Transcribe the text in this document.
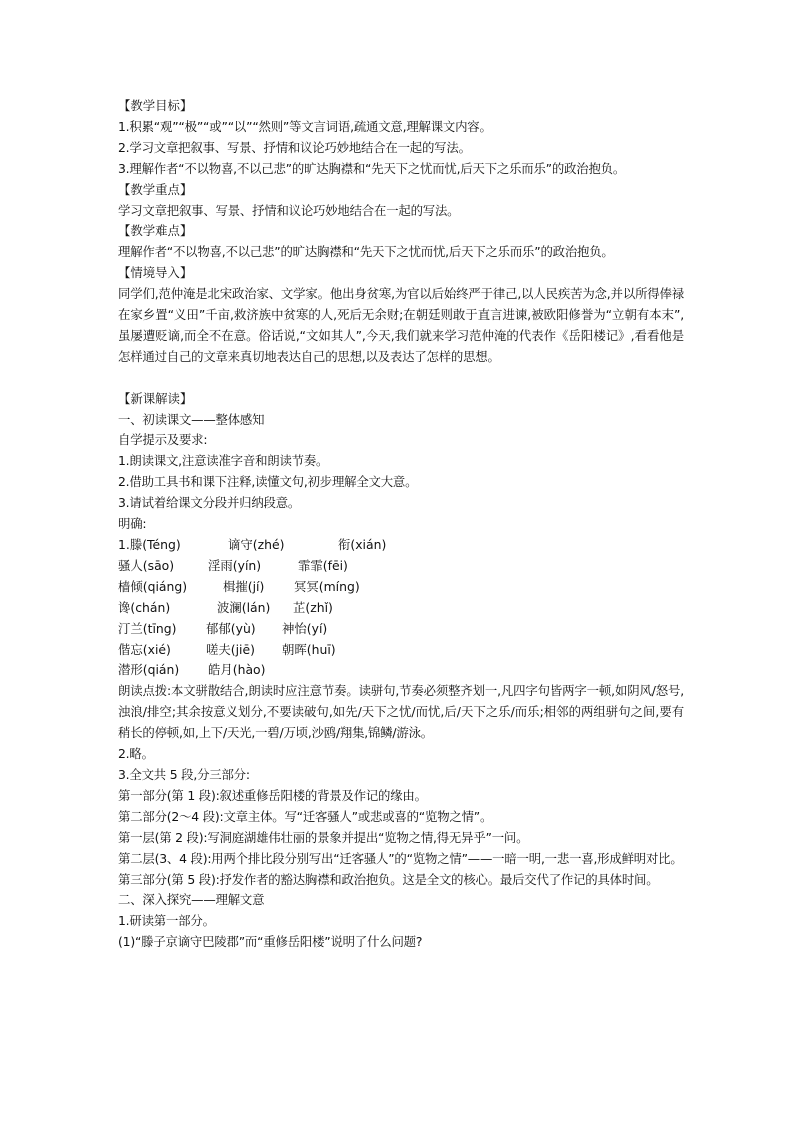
【教学目标】
1.积累“观”“极”“或”“以”“然则”等文言词语,疏通文意,理解课文内容。
2.学习文章把叙事、写景、抒情和议论巧妙地结合在一起的写法。
3.理解作者“不以物喜,不以己悲”的旷达胸襟和“先天下之忧而忧,后天下之乐而乐”的政治抱负。
【教学重点】
学习文章把叙事、写景、抒情和议论巧妙地结合在一起的写法。
【教学难点】
理解作者“不以物喜,不以己悲”的旷达胸襟和“先天下之忧而忧,后天下之乐而乐”的政治抱负。
【情境导入】
同学们,范仲淹是北宋政治家、文学家。他出身贫寒,为官以后始终严于律己,以人民疾苦为念,并以所得俸禄在家乡置“义田”千亩,救济族中贫寒的人,死后无余财;在朝廷则敢于直言进谏,被欧阳修誉为“立朝有本末”,虽屡遭贬谪,而全不在意。俗话说,“文如其人”,今天,我们就来学习范仲淹的代表作《岳阳楼记》,看看他是怎样通过自己的文章来真切地表达自己的思想,以及表达了怎样的思想。
【新课解读】
一、初读课文——整体感知
自学提示及要求:
1.朗读课文,注意读准字音和朗读节奏。
2.借助工具书和课下注释,读懂文句,初步理解全文大意。
3.请试着给课文分段并归纳段意。
明确:
1.滕(Téng)	谪守(zhé)	衔(xián)
骚人(sāo)	淫雨(yín)	霏霏(fēi)
樯倾(qiáng)	楫摧(jí)	冥冥(míng)
谗(chán)	波澜(lán)	芷(zhǐ)
汀兰(tīng)	郁郁(yù)	神怡(yí)
偕忘(xié)	嗟夫(jiē)	朝晖(huī)
潜形(qián)	皓月(hào)
朗读点拨:本文骈散结合,朗读时应注意节奏。读骈句,节奏必须整齐划一,凡四字句皆两字一顿,如阴风/怒号,浊浪/排空;其余按意义划分,不要读破句,如先/天下之忧/而忧,后/天下之乐/而乐;相邻的两组骈句之间,要有稍长的停顿,如,上下/天光,一碧/万顷,沙鸥/翔集,锦鳞/游泳。
2.略。
3.全文共 5 段,分三部分:
第一部分(第 1 段):叙述重修岳阳楼的背景及作记的缘由。
第二部分(2～4 段):文章主体。写“迁客骚人”或悲或喜的“览物之情”。
第一层(第 2 段):写洞庭湖雄伟壮丽的景象并提出“览物之情,得无异乎”一问。
第二层(3、4 段):用两个排比段分别写出“迁客骚人”的“览物之情”——一暗一明,一悲一喜,形成鲜明对比。
第三部分(第 5 段):抒发作者的豁达胸襟和政治抱负。这是全文的核心。最后交代了作记的具体时间。
二、深入探究——理解文意
1.研读第一部分。
(1)“滕子京谪守巴陵郡”而“重修岳阳楼”说明了什么问题?
